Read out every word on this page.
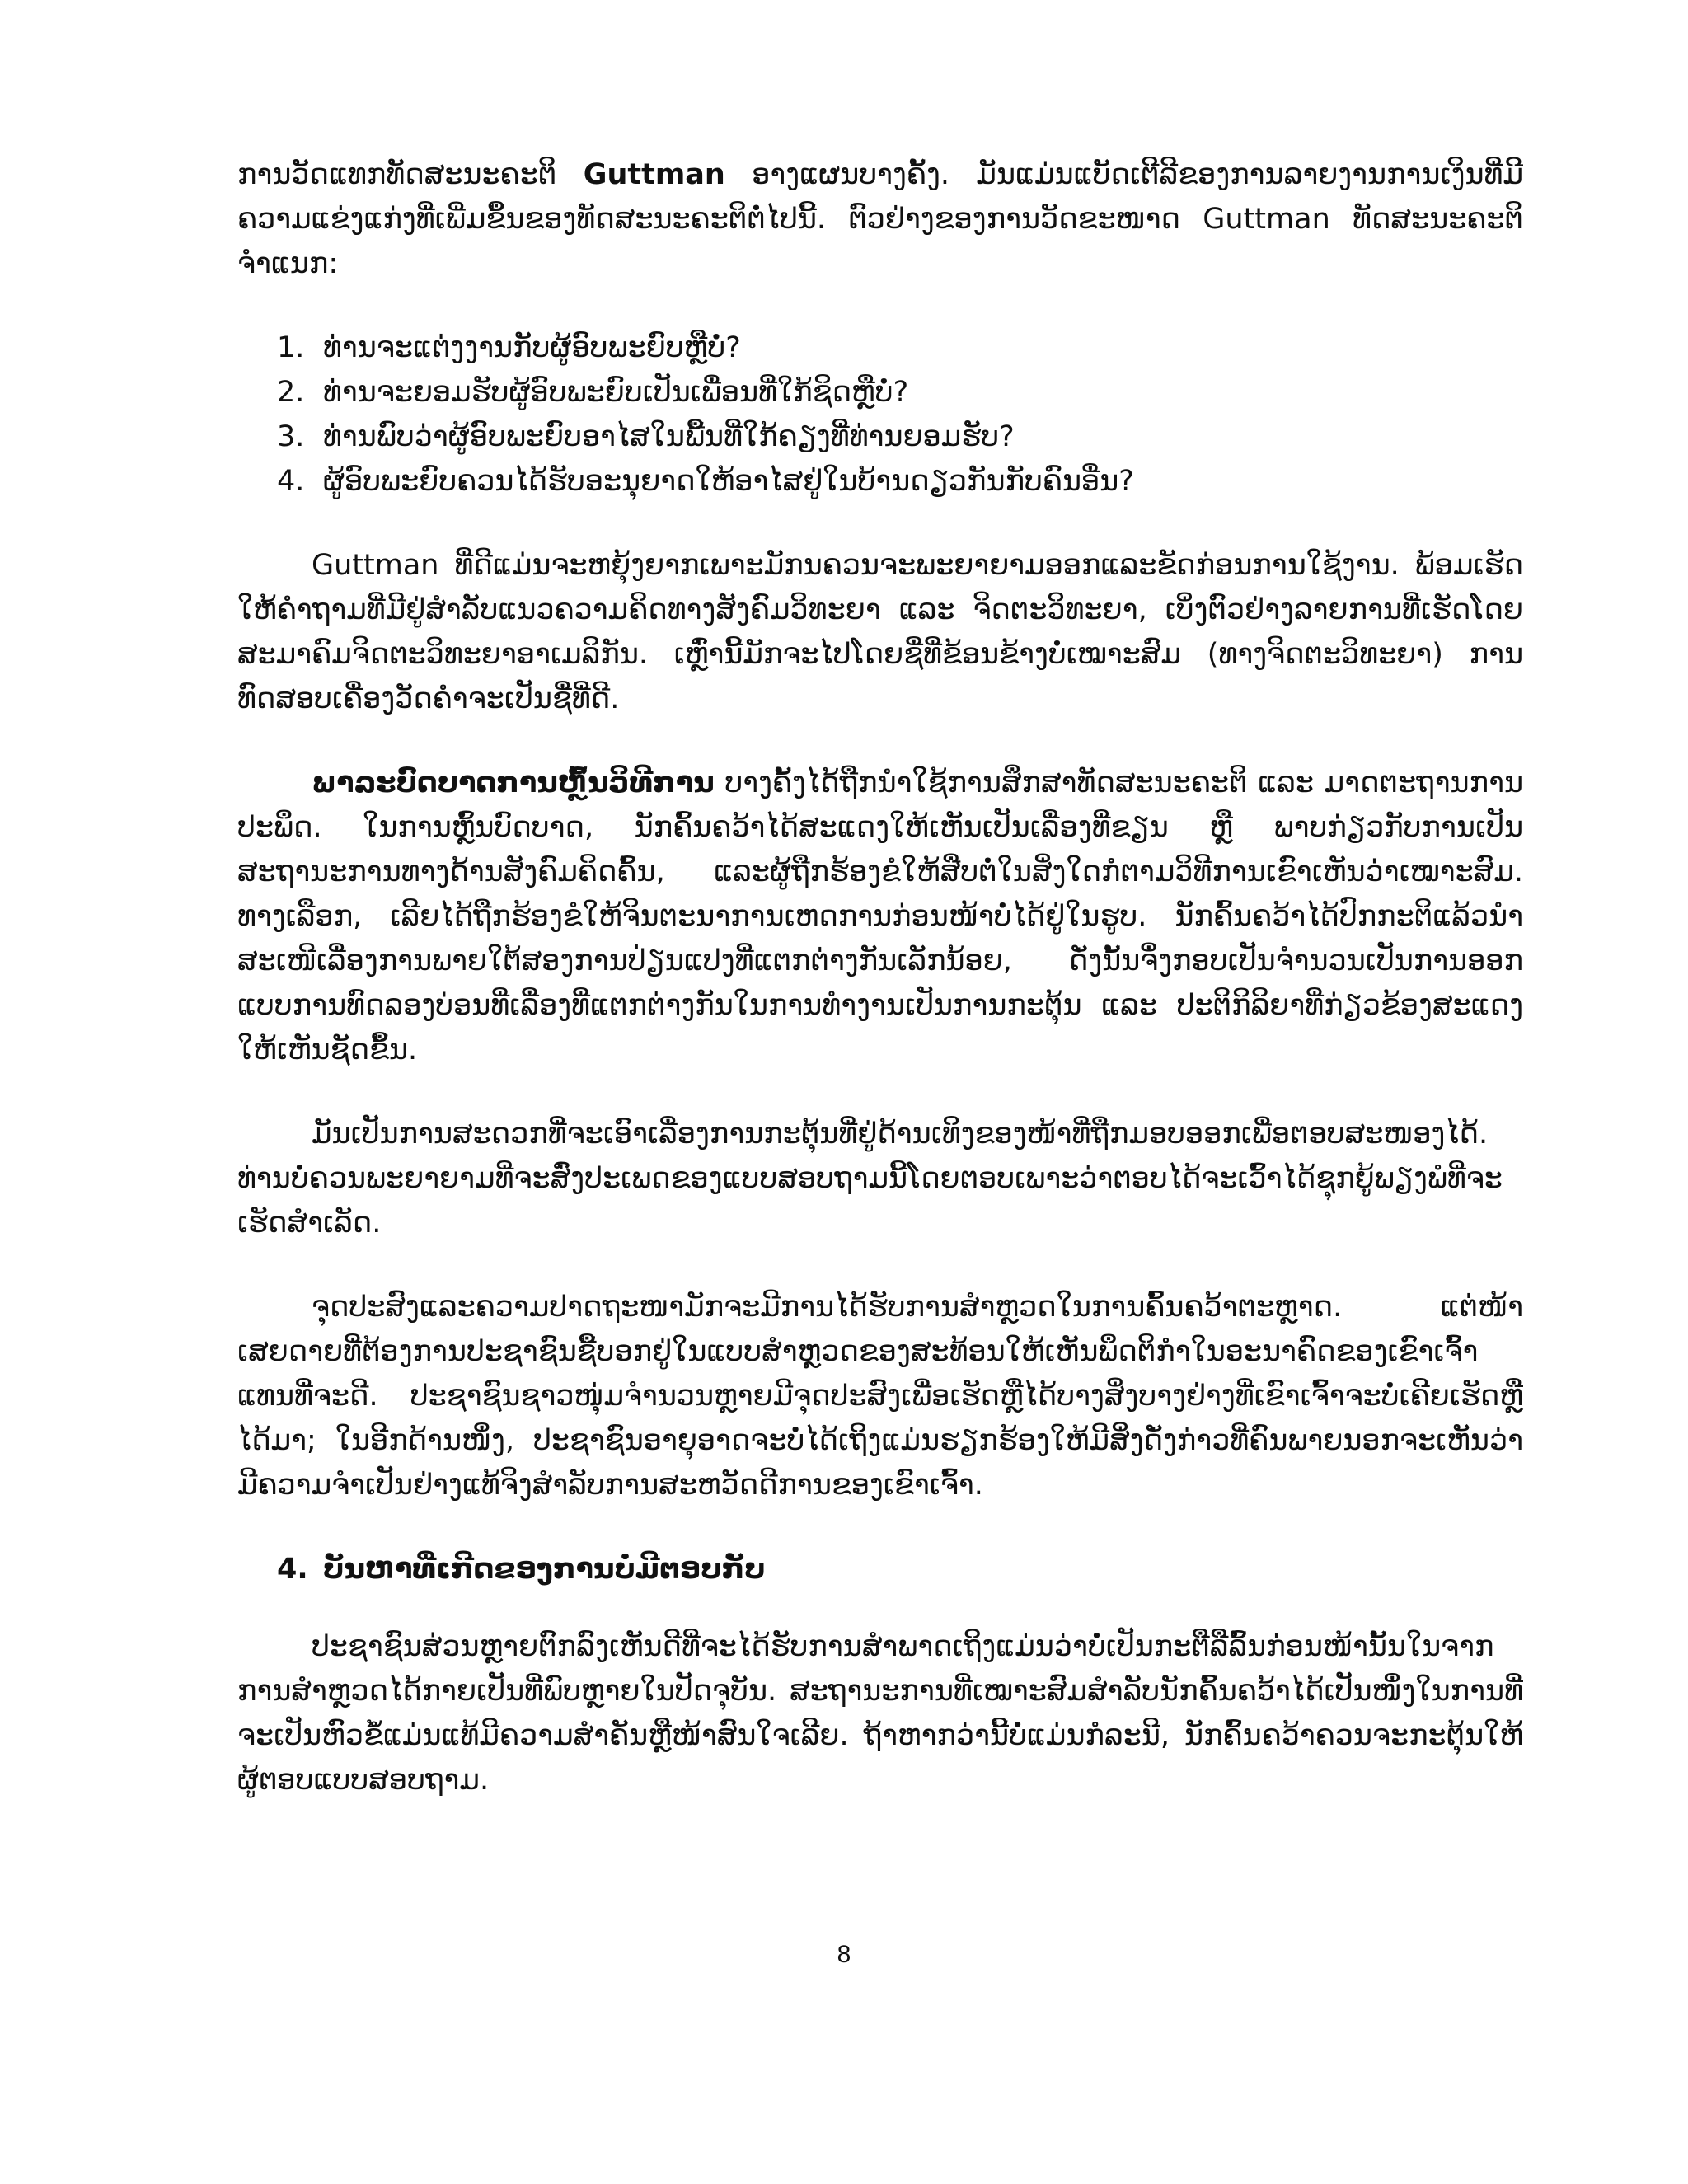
ການວັດແທກທັດສະນະຄະຕິ Guttman ອາງແຜນບາງຄັ້ງ. ມັນແມ່ນແບັດເຕີລີຂອງການລາຍງານການເງິນທີ່ມີຄວາມແຂ່ງແກ່ງທີ່ເພີ່ມຂຶ້ນຂອງທັດສະນະຄະຕິຕໍ່ໄປນີ້. ຕົວຢ່າງຂອງການວັດຂະໜາດ Guttman ທັດສະນະຄະຕິຈຳແນກ:

1. ທ່ານຈະແຕ່ງງານກັບຜູ້ອົບພະຍົບຫຼືບໍ່?
2. ທ່ານຈະຍອມຮັບຜູ້ອົບພະຍົບເປັນເພື່ອນທີ່ໃກ້ຊິດຫຼືບໍ່?
3. ທ່ານພົບວ່າຜູ້ອົບພະຍົບອາໄສໃນພື້ນທີ່ໃກ້ຄຽງທີ່ທ່ານຍອມຮັບ?
4. ຜູ້ອົບພະຍົບຄວນໄດ້ຮັບອະນຸຍາດໃຫ້ອາໄສຢູ່ໃນບ້ານດຽວກັນກັບຄົນອື່ນ?

Guttman ທີ່ດີແມ່ນຈະຫຍຸ້ງຍາກເພາະມັກນຄວນຈະພະຍາຍາມອອກແລະຂັດກ່ອນການໃຊ້ງານ. ພ້ອມເຮັດໃຫ້ຄຳຖາມທີ່ມີຢູ່ສຳລັບແນວຄວາມຄິດທາງສັງຄົມວິທະຍາ ແລະ ຈິດຕະວິທະຍາ, ເບິ່ງຕົວຢ່າງລາຍການທີ່ເຮັດໂດຍສະມາຄົມຈິດຕະວິທະຍາອາເມລິກັນ. ເຫຼົ່ານີ້ມັກຈະໄປໂດຍຊື່ທີ່ຂ້ອນຂ້າງບໍ່ເໝາະສົມ (ທາງຈິດຕະວິທະຍາ) ການທົດສອບເຄື່ອງວັດຄຳຈະເປັນຊື່ທີ່ດີ.

ພາລະບົດບາດການຫຼົ້ນວິທີການ ບາງຄັ້ງໄດ້ຖືກນຳໃຊ້ການສຶກສາທັດສະນະຄະຕິ ແລະ ມາດຕະຖານການປະພຶດ. ໃນການຫຼົ້ນບົດບາດ, ນັກຄົ້ນຄວ້າໄດ້ສະແດງໃຫ້ເຫັນເປັນເລື່ອງທີ່ຂຽນ ຫຼື ພາບກ່ຽວກັບການເປັນສະຖານະການທາງດ້ານສັງຄົມຄິດຄົ້ນ, ແລະຜູ້ຖືກຮ້ອງຂໍໃຫ້ສືບຕໍ່ໃນສິ່ງໃດກໍຕາມວິທີການເຂົາເຫັນວ່າເໝາະສົມ. ທາງເລືອກ, ເລີຍໄດ້ຖືກຮ້ອງຂໍໃຫ້ຈິນຕະນາການເຫດການກ່ອນໜ້າບໍ່ໄດ້ຢູ່ໃນຮູບ. ນັກຄົ້ນຄວ້າໄດ້ປົກກະຕິແລ້ວນຳສະເໜີເລື່ອງການພາຍໃຕ້ສອງການປ່ຽນແປງທີ່ແຕກຕ່າງກັນເລັກນ້ອຍ, ດັ່ງນັ້ນຈຶ່ງກອບເປັນຈຳນວນເປັນການອອກແບບການທົດລອງບ່ອນທີ່ເລື່ອງທີ່ແຕກຕ່າງກັນໃນການທຳງານເປັນການກະຕຸ້ນ ແລະ ປະຕິກິລິຍາທີ່ກ່ຽວຂ້ອງສະແດງໃຫ້ເຫັນຊັດຂຶ້ນ.

ມັນເປັນການສະດວກທີ່ຈະເອົາເລື່ອງການກະຕຸ້ນທີ່ຢູ່ດ້ານເທິງຂອງໜ້າທີ່ຖືກມອບອອກເພື່ອຕອບສະໜອງໄດ້. ທ່ານບໍ່ຄວນພະຍາຍາມທີ່ຈະສົ່ງປະເພດຂອງແບບສອບຖາມນີ້ໂດຍຕອບເພາະວ່າຕອບໄດ້ຈະເວົ້າໄດ້ຊຸກຍູ້ພຽງພໍທີ່ຈະເຮັດສຳເລັດ.

ຈຸດປະສົງແລະຄວາມປາດຖະໜາມັກຈະມີການໄດ້ຮັບການສຳຫຼວດໃນການຄົ້ນຄວ້າຕະຫຼາດ. ແຕ່ໜ້າເສຍດາຍທີ່ຕ້ອງການປະຊາຊົນຊື້ບອກຢູ່ໃນແບບສຳຫຼວດຂອງສະທ້ອນໃຫ້ເຫັນພຶດຕິກຳໃນອະນາຄົດຂອງເຂົາເຈົ້າແທນທີ່ຈະດີ. ປະຊາຊົນຊາວໜຸ່ມຈຳນວນຫຼາຍມີຈຸດປະສົງເພື່ອເຮັດຫຼືໄດ້ບາງສິ່ງບາງຢ່າງທີ່ເຂົາເຈົ້າຈະບໍ່ເຄີຍເຮັດຫຼືໄດ້ມາ; ໃນອີກດ້ານໜຶ່ງ, ປະຊາຊົນອາຍຸອາດຈະບໍ່ໄດ້ເຖິງແມ່ນຮຽກຮ້ອງໃຫ້ມີສິ່ງດັ່ງກ່າວທີ່ຄົນພາຍນອກຈະເຫັນວ່າມີຄວາມຈຳເປັນຢ່າງແທ້ຈິງສຳລັບການສະຫວັດດີການຂອງເຂົາເຈົ້າ.

4. ບັນຫາທີ່ເກີດຂອງການບໍ່ມີຕອບກັບ

ປະຊາຊົນສ່ວນຫຼາຍຕົກລົງເຫັນດີທີ່ຈະໄດ້ຮັບການສຳພາດເຖິງແມ່ນວ່າບໍ່ເປັນກະຕືລືລົ້ນກ່ອນໜ້ານັ້ນໃນຈາກການສຳຫຼວດໄດ້ກາຍເປັນທີ່ພົບຫຼາຍໃນປັດຈຸບັນ. ສະຖານະການທີ່ເໝາະສົມສຳລັບນັກຄົ້ນຄວ້າໄດ້ເປັນໜຶ່ງໃນການທີ່ຈະເປັນຫົວຂໍ້ແມ່ນແທ້ມີຄວາມສຳຄັນຫຼືໜ້າສົນໃຈເລີຍ. ຖ້າຫາກວ່ານີ້ບໍ່ແມ່ນກໍລະນີ, ນັກຄົ້ນຄວ້າຄວນຈະກະຕຸ້ນໃຫ້ຜູ້ຕອບແບບສອບຖາມ.

8
